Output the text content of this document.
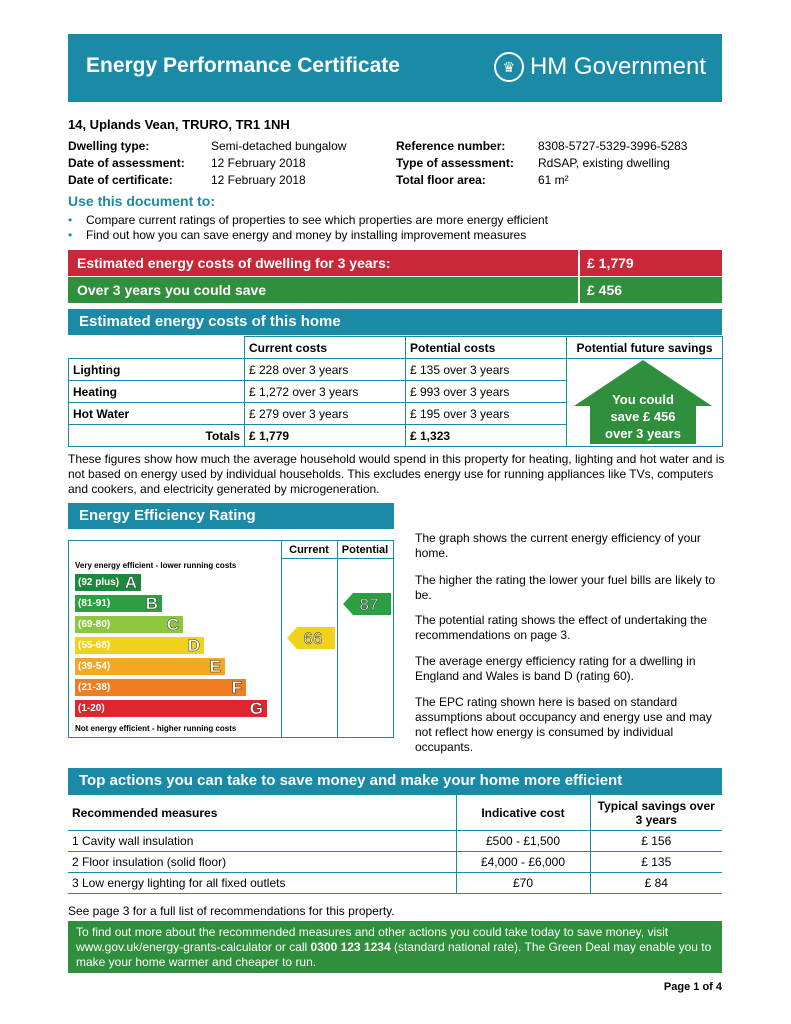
Energy Performance Certificate	♛ HM Government
14, Uplands Vean, TRURO, TR1 1NH
Dwelling type:	Semi-detached bungalow
Date of assessment: 12 February 2018
Date of certificate:	12 February 2018
Reference number:	8308-5727-5329-3996-5283
Type of assessment: RdSAP, existing dwelling
Total floor area:	61 m²
Use this document to:
• Compare current ratings of properties to see which properties are more energy efficient
• Find out how you can save energy and money by installing improvement measures
Estimated energy costs of dwelling for 3 years:	£ 1,779
Over 3 years you could save	£ 456
Estimated energy costs of this home
	Current costs	Potential costs	Potential future savings
Lighting	£ 228 over 3 years	£ 135 over 3 years	
Heating	£ 1,272 over 3 years	£ 993 over 3 years	
Hot Water	£ 279 over 3 years	£ 195 over 3 years	
Totals	£ 1,779	£ 1,323	
You could
save £ 456
over 3 years
These figures show how much the average household would spend in this property for heating, lighting and hot water and is not based on energy used by individual households. This excludes energy use for running appliances like TVs, computers and cookers, and electricity generated by microgeneration.
Energy Efficiency Rating
Current	Potential
Very energy efficient - lower running costs
(92 plus) A
(81-91) B
(69-80)	C
(55-68)	D
(39-54)	E
(21-38)	F
(1-20)	G
Not energy efficient - higher running costs
66
87
The graph shows the current energy efficiency of your home.
The higher the rating the lower your fuel bills are likely to be.
The potential rating shows the effect of undertaking the recommendations on page 3.
The average energy efficiency rating for a dwelling in England and Wales is band D (rating 60).
The EPC rating shown here is based on standard assumptions about occupancy and energy use and may not reflect how energy is consumed by individual occupants.
Top actions you can take to save money and make your home more efficient
Recommended measures	Indicative cost	Typical savings over 3 years
1 Cavity wall insulation	£500 - £1,500	£ 156
2 Floor insulation (solid floor)	£4,000 - £6,000	£ 135
3 Low energy lighting for all fixed outlets	£70	£ 84
See page 3 for a full list of recommendations for this property.
To find out more about the recommended measures and other actions you could take today to save money, visit www.gov.uk/energy-grants-calculator or call 0300 123 1234 (standard national rate). The Green Deal may enable you to make your home warmer and cheaper to run.
Page 1 of 4
